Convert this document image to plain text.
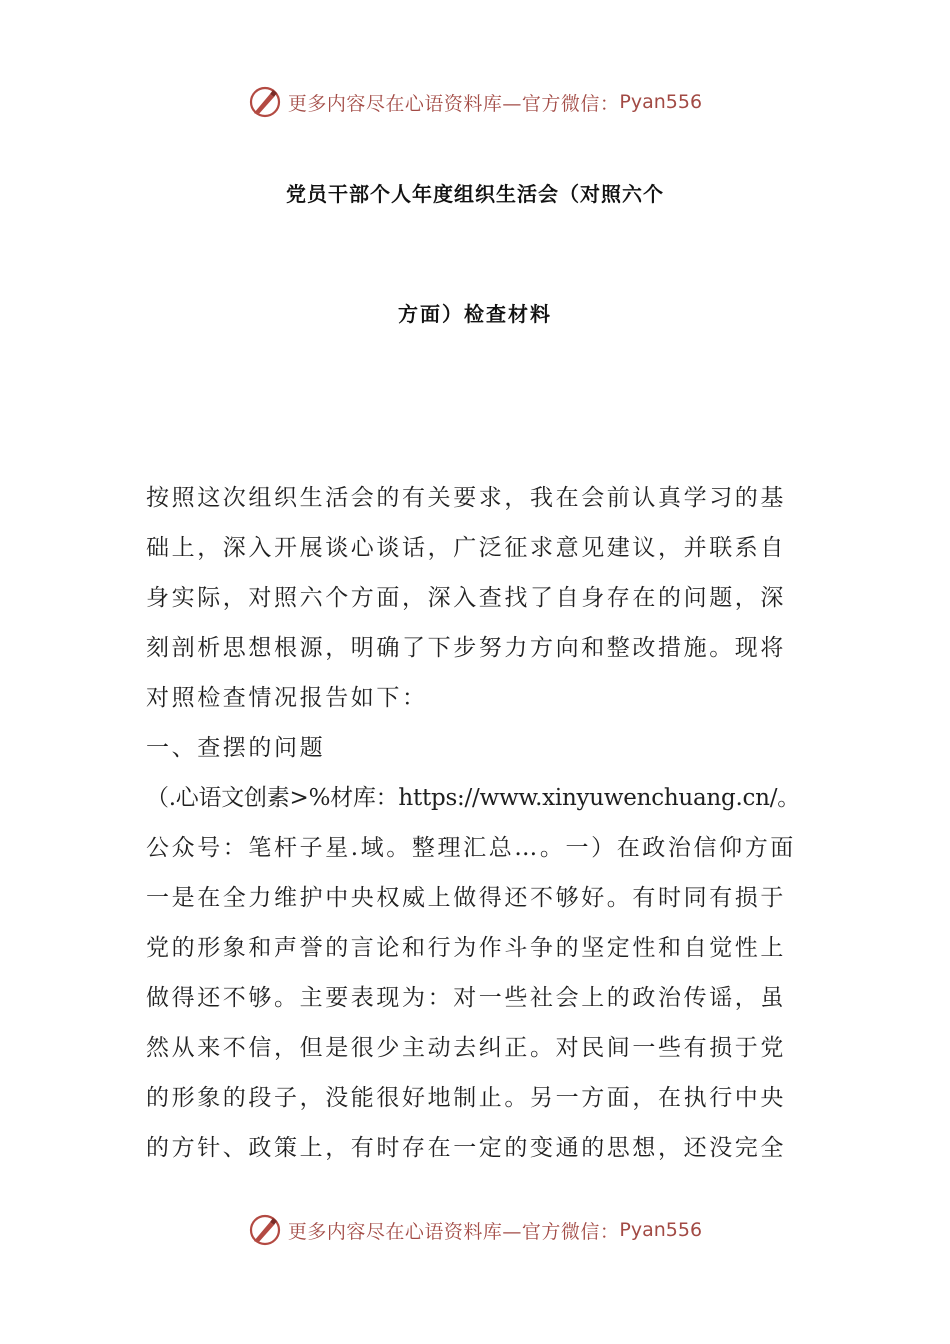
更多内容尽在心语资料库—官方微信： Pyan556
党员干部个人年度组织生活会（对照六个
方面）检查材料
按照这次组织生活会的有关要求，我在会前认真学习的基
础上，深入开展谈心谈话，广泛征求意见建议，并联系自
身实际，对照六个方面，深入查找了自身存在的问题，深
刻剖析思想根源，明确了下步努力方向和整改措施。现将
对照检查情况报告如下：
一、查摆的问题
（.心语文创素>%材库：https://www.xinyuwenchuang.cn/。
公众号：笔杆子星.域。整理汇总…。一）在政治信仰方面
一是在全力维护中央权威上做得还不够好。有时同有损于
党的形象和声誉的言论和行为作斗争的坚定性和自觉性上
做得还不够。主要表现为：对一些社会上的政治传谣，虽
然从来不信，但是很少主动去纠正。对民间一些有损于党
的形象的段子，没能很好地制止。另一方面，在执行中央
的方针、政策上，有时存在一定的变通的思想，还没完全
更多内容尽在心语资料库—官方微信： Pyan556
